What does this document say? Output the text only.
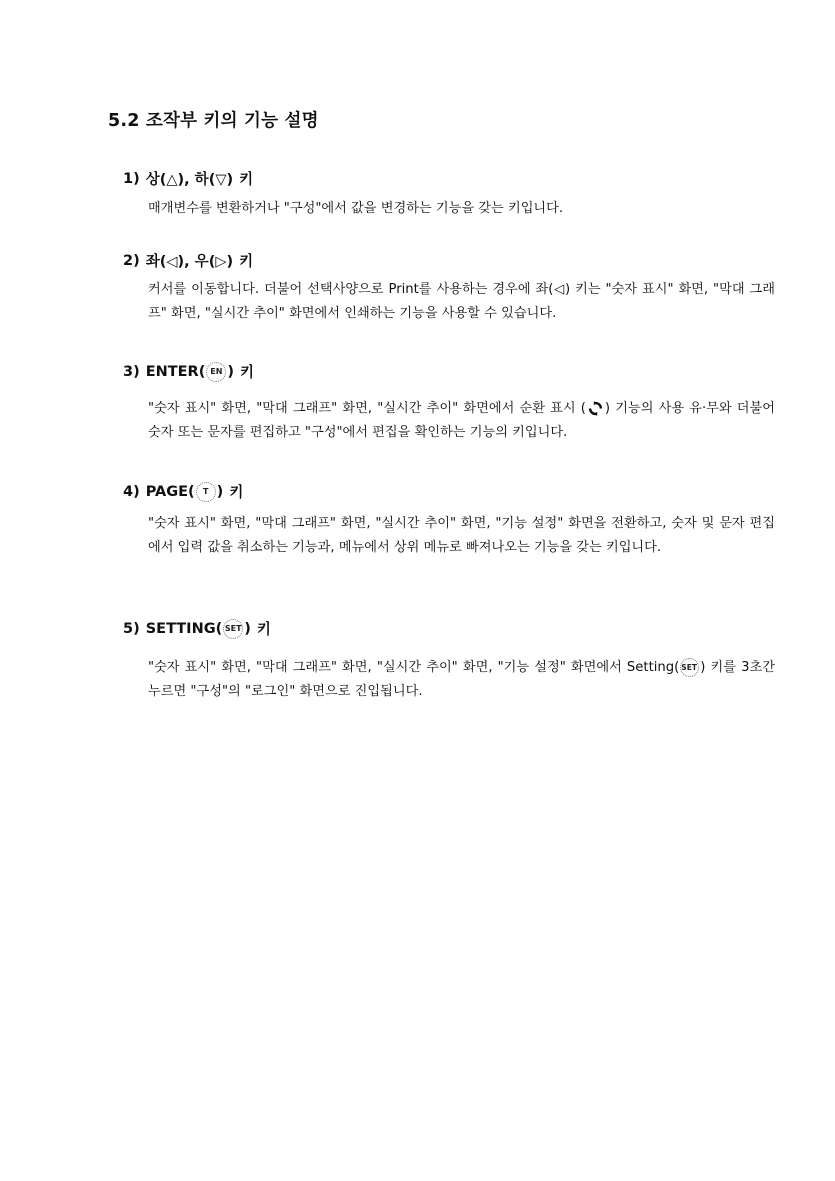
5.2 조작부 키의 기능 설명
1) 상(△), 하(▽) 키
매개변수를 변환하거나 "구성"에서 값을 변경하는 기능을 갖는 키입니다.
2) 좌(◁), 우(▷) 키
커서를 이동합니다. 더불어 선택사양으로 Print를 사용하는 경우에 좌(◁) 키는 "숫자 표시" 화면, "막대 그래프" 화면, "실시간 추이" 화면에서 인쇄하는 기능을 사용할 수 있습니다.
3) ENTER( EN ) 키
"숫자 표시" 화면, "막대 그래프" 화면, "실시간 추이" 화면에서 순환 표시 ( ) 기능의 사용 유·무와 더불어 숫자 또는 문자를 편집하고 "구성"에서 편집을 확인하는 기능의 키입니다.
4) PAGE(	T ) 키
"숫자 표시" 화면, "막대 그래프" 화면, "실시간 추이" 화면, "기능 설정" 화면을 전환하고, 숫자 및 문자 편집에서 입력 값을 취소하는 기능과, 메뉴에서 상위 메뉴로 빠져나오는 기능을 갖는 키입니다.
5) SETTING( SET ) 키
"숫자 표시" 화면, "막대 그래프" 화면, "실시간 추이" 화면, "기능 설정" 화면에서 Setting( SET ) 키를 3초간 누르면 "구성"의 "로그인" 화면으로 진입됩니다.
